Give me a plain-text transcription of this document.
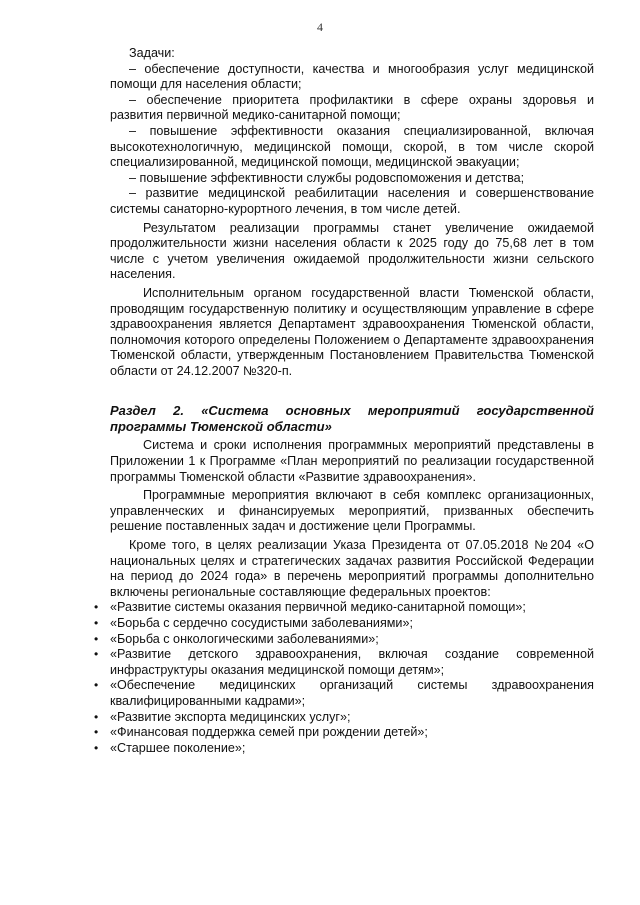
4

Задачи:

– обеспечение доступности, качества и многообразия услуг медицинской помощи для населения области;

– обеспечение приоритета профилактики в сфере охраны здоровья и развития первичной медико-санитарной помощи;

– повышение эффективности оказания специализированной, включая высокотехнологичную, медицинской помощи, скорой, в том числе скорой специализированной, медицинской помощи, медицинской эвакуации;

– повышение эффективности службы родовспоможения и детства;

– развитие медицинской реабилитации населения и совершенствование системы санаторно-курортного лечения, в том числе детей.

Результатом реализации программы станет увеличение ожидаемой продолжительности жизни населения области к 2025 году до 75,68 лет в том числе с учетом увеличения ожидаемой продолжительности жизни сельского населения.

Исполнительным органом государственной власти Тюменской области, проводящим государственную политику и осуществляющим управление в сфере здравоохранения является Департамент здравоохранения Тюменской области, полномочия которого определены Положением о Департаменте здравоохранения Тюменской области, утвержденным Постановлением Правительства Тюменской области от 24.12.2007 №320-п.

Раздел 2. «Система основных мероприятий государственной программы Тюменской области»

Система и сроки исполнения программных мероприятий представлены в Приложении 1 к Программе «План мероприятий по реализации государственной программы Тюменской области «Развитие здравоохранения».

Программные мероприятия включают в себя комплекс организационных, управленческих и финансируемых мероприятий, призванных обеспечить решение поставленных задач и достижение цели Программы.

Кроме того, в целях реализации Указа Президента от 07.05.2018 №204 «О национальных целях и стратегических задачах развития Российской Федерации на период до 2024 года» в перечень мероприятий программы дополнительно включены региональные составляющие федеральных проектов:

• «Развитие системы оказания первичной медико-санитарной помощи»;
• «Борьба с сердечно сосудистыми заболеваниями»;
• «Борьба с онкологическими заболеваниями»;
• «Развитие детского здравоохранения, включая создание современной инфраструктуры оказания медицинской помощи детям»;
• «Обеспечение медицинских организаций системы здравоохранения квалифицированными кадрами»;
• «Развитие экспорта медицинских услуг»;
• «Финансовая поддержка семей при рождении детей»;
• «Старшее поколение»;
